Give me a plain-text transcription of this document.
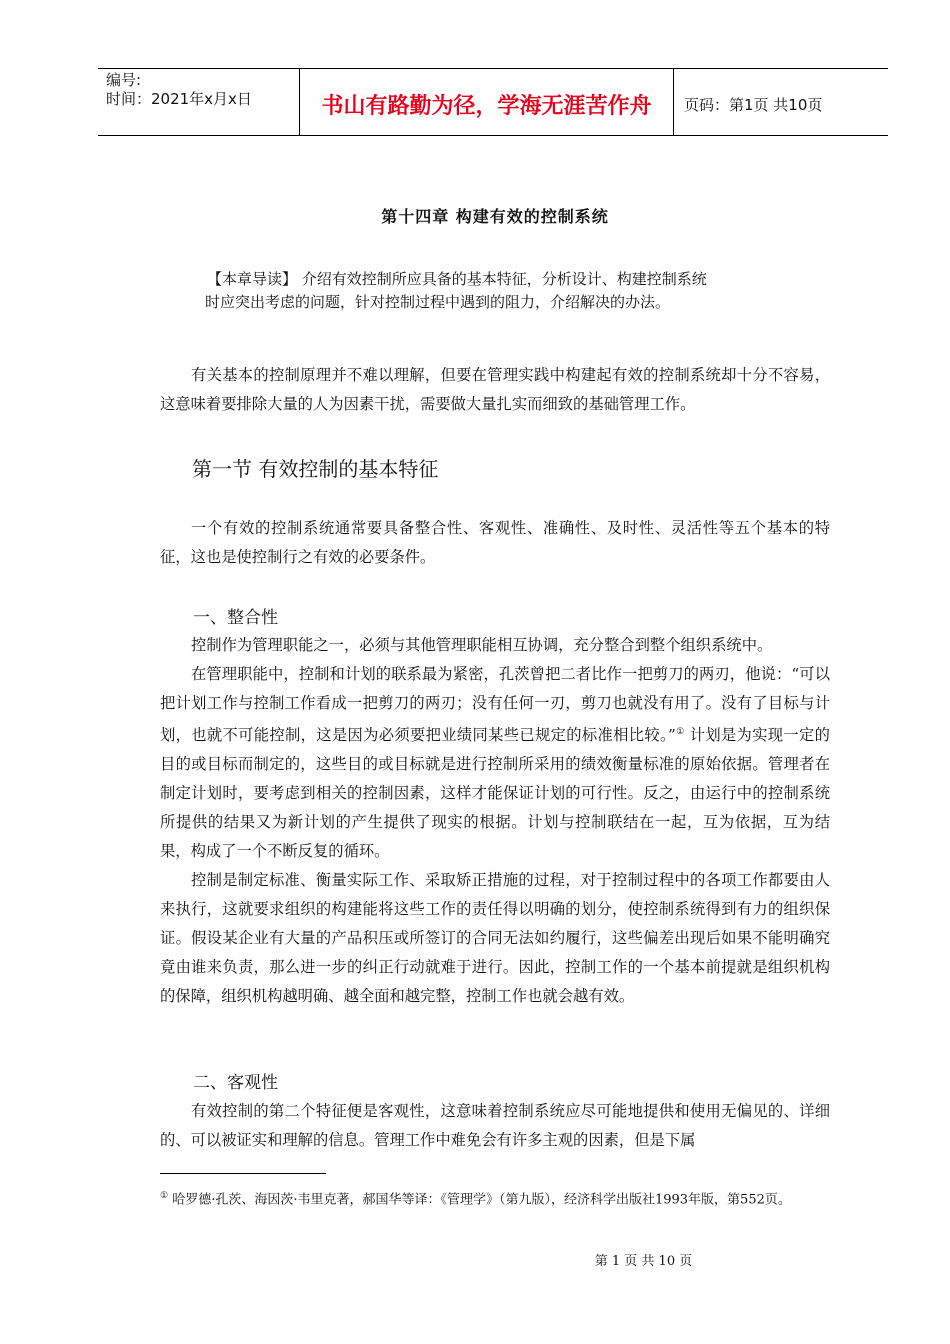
编号:
时间：2021年x月x日	书山有路勤为径，学海无涯苦作舟	页码：第1页 共10页
第十四章 构建有效的控制系统
【本章导读】 介绍有效控制所应具备的基本特征，分析设计、构建控制系统
时应突出考虑的问题，针对控制过程中遇到的阻力，介绍解决的办法。

有关基本的控制原理并不难以理解，但要在管理实践中构建起有效的控制系统却十分不容易，这意味着要排除大量的人为因素干扰，需要做大量扎实而细致的基础管理工作。

第一节 有效控制的基本特征

一个有效的控制系统通常要具备整合性、客观性、准确性、及时性、灵活性等五个基本的特征，这也是使控制行之有效的必要条件。

一、整合性

控制作为管理职能之一，必须与其他管理职能相互协调，充分整合到整个组织系统中。

在管理职能中，控制和计划的联系最为紧密，孔茨曾把二者比作一把剪刀的两刃，他说：“可以把计划工作与控制工作看成一把剪刀的两刃；没有任何一刃，剪刀也就没有用了。没有了目标与计划，也就不可能控制，这是因为必须要把业绩同某些已规定的标准相比较。”① 计划是为实现一定的目的或目标而制定的，这些目的或目标就是进行控制所采用的绩效衡量标准的原始依据。管理者在制定计划时，要考虑到相关的控制因素，这样才能保证计划的可行性。反之，由运行中的控制系统所提供的结果又为新计划的产生提供了现实的根据。计划与控制联结在一起，互为依据，互为结果，构成了一个不断反复的循环。

控制是制定标准、衡量实际工作、采取矫正措施的过程，对于控制过程中的各项工作都要由人来执行，这就要求组织的构建能将这些工作的责任得以明确的划分，使控制系统得到有力的组织保证。假设某企业有大量的产品积压或所签订的合同无法如约履行，这些偏差出现后如果不能明确究竟由谁来负责，那么进一步的纠正行动就难于进行。因此，控制工作的一个基本前提就是组织机构的保障，组织机构越明确、越全面和越完整，控制工作也就会越有效。

二、客观性

有效控制的第二个特征便是客观性，这意味着控制系统应尽可能地提供和使用无偏见的、详细的、可以被证实和理解的信息。管理工作中难免会有许多主观的因素，但是下属

① 哈罗德·孔茨、海因茨·韦里克著，郝国华等译：《管理学》（第九版），经济科学出版社1993年版，第552页。
第 1 页 共 10 页
